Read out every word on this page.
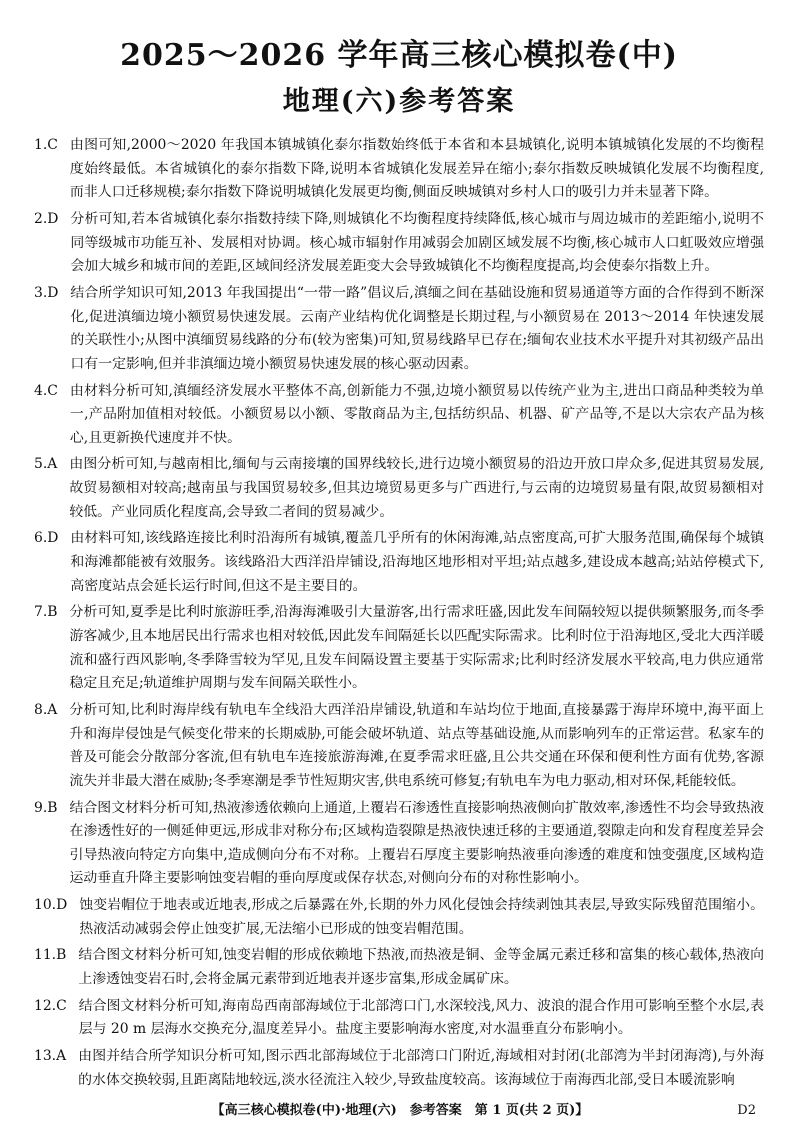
2025～2026 学年高三核心模拟卷(中)
地理(六)参考答案
1.C 由图可知,2000～2020 年我国本镇城镇化泰尔指数始终低于本省和本县城镇化,说明本镇城镇化发展的不均衡程度始终最低。本省城镇化的泰尔指数下降,说明本省城镇化发展差异在缩小;泰尔指数反映城镇化发展不均衡程度,而非人口迁移规模;泰尔指数下降说明城镇化发展更均衡,侧面反映城镇对乡村人口的吸引力并未显著下降。
2.D 分析可知,若本省城镇化泰尔指数持续下降,则城镇化不均衡程度持续降低,核心城市与周边城市的差距缩小,说明不同等级城市功能互补、发展相对协调。核心城市辐射作用减弱会加剧区域发展不均衡,核心城市人口虹吸效应增强会加大城乡和城市间的差距,区域间经济发展差距变大会导致城镇化不均衡程度提高,均会使泰尔指数上升。
3.D 结合所学知识可知,2013 年我国提出“一带一路”倡议后,滇缅之间在基础设施和贸易通道等方面的合作得到不断深化,促进滇缅边境小额贸易快速发展。云南产业结构优化调整是长期过程,与小额贸易在 2013～2014 年快速发展的关联性小;从图中滇缅贸易线路的分布(较为密集)可知,贸易线路早已存在;缅甸农业技术水平提升对其初级产品出口有一定影响,但并非滇缅边境小额贸易快速发展的核心驱动因素。
4.C 由材料分析可知,滇缅经济发展水平整体不高,创新能力不强,边境小额贸易以传统产业为主,进出口商品种类较为单一,产品附加值相对较低。小额贸易以小额、零散商品为主,包括纺织品、机器、矿产品等,不是以大宗农产品为核心,且更新换代速度并不快。
5.A 由图分析可知,与越南相比,缅甸与云南接壤的国界线较长,进行边境小额贸易的沿边开放口岸众多,促进其贸易发展,故贸易额相对较高;越南虽与我国贸易较多,但其边境贸易更多与广西进行,与云南的边境贸易量有限,故贸易额相对较低。产业同质化程度高,会导致二者间的贸易减少。
6.D 由材料可知,该线路连接比利时沿海所有城镇,覆盖几乎所有的休闲海滩,站点密度高,可扩大服务范围,确保每个城镇和海滩都能被有效服务。该线路沿大西洋沿岸铺设,沿海地区地形相对平坦;站点越多,建设成本越高;站站停模式下,高密度站点会延长运行时间,但这不是主要目的。
7.B 分析可知,夏季是比利时旅游旺季,沿海海滩吸引大量游客,出行需求旺盛,因此发车间隔较短以提供频繁服务,而冬季游客减少,且本地居民出行需求也相对较低,因此发车间隔延长以匹配实际需求。比利时位于沿海地区,受北大西洋暖流和盛行西风影响,冬季降雪较为罕见,且发车间隔设置主要基于实际需求;比利时经济发展水平较高,电力供应通常稳定且充足;轨道维护周期与发车间隔关联性小。
8.A 分析可知,比利时海岸线有轨电车全线沿大西洋沿岸铺设,轨道和车站均位于地面,直接暴露于海岸环境中,海平面上升和海岸侵蚀是气候变化带来的长期威胁,可能会破坏轨道、站点等基础设施,从而影响列车的正常运营。私家车的普及可能会分散部分客流,但有轨电车连接旅游海滩,在夏季需求旺盛,且公共交通在环保和便利性方面有优势,客源流失并非最大潜在威胁;冬季寒潮是季节性短期灾害,供电系统可修复;有轨电车为电力驱动,相对环保,耗能较低。
9.B 结合图文材料分析可知,热液渗透依赖向上通道,上覆岩石渗透性直接影响热液侧向扩散效率,渗透性不均会导致热液在渗透性好的一侧延伸更远,形成非对称分布;区域构造裂隙是热液快速迁移的主要通道,裂隙走向和发育程度差异会引导热液向特定方向集中,造成侧向分布不对称。上覆岩石厚度主要影响热液垂向渗透的难度和蚀变强度,区域构造运动垂直升降主要影响蚀变岩帽的垂向厚度或保存状态,对侧向分布的对称性影响小。
10.D 蚀变岩帽位于地表或近地表,形成之后暴露在外,长期的外力风化侵蚀会持续剥蚀其表层,导致实际残留范围缩小。热液活动减弱会停止蚀变扩展,无法缩小已形成的蚀变岩帽范围。
11.B 结合图文材料分析可知,蚀变岩帽的形成依赖地下热液,而热液是铜、金等金属元素迁移和富集的核心载体,热液向上渗透蚀变岩石时,会将金属元素带到近地表并逐步富集,形成金属矿床。
12.C 结合图文材料分析可知,海南岛西南部海域位于北部湾口门,水深较浅,风力、波浪的混合作用可影响至整个水层,表层与 20 m 层海水交换充分,温度差异小。盐度主要影响海水密度,对水温垂直分布影响小。
13.A 由图并结合所学知识分析可知,图示西北部海域位于北部湾口门附近,海域相对封闭(北部湾为半封闭海湾),与外海的水体交换较弱,且距离陆地较远,淡水径流注入较少,导致盐度较高。该海域位于南海西北部,受日本暖流影响
【高三核心模拟卷(中)·地理(六)　参考答案　第 1 页(共 2 页)】	D2
